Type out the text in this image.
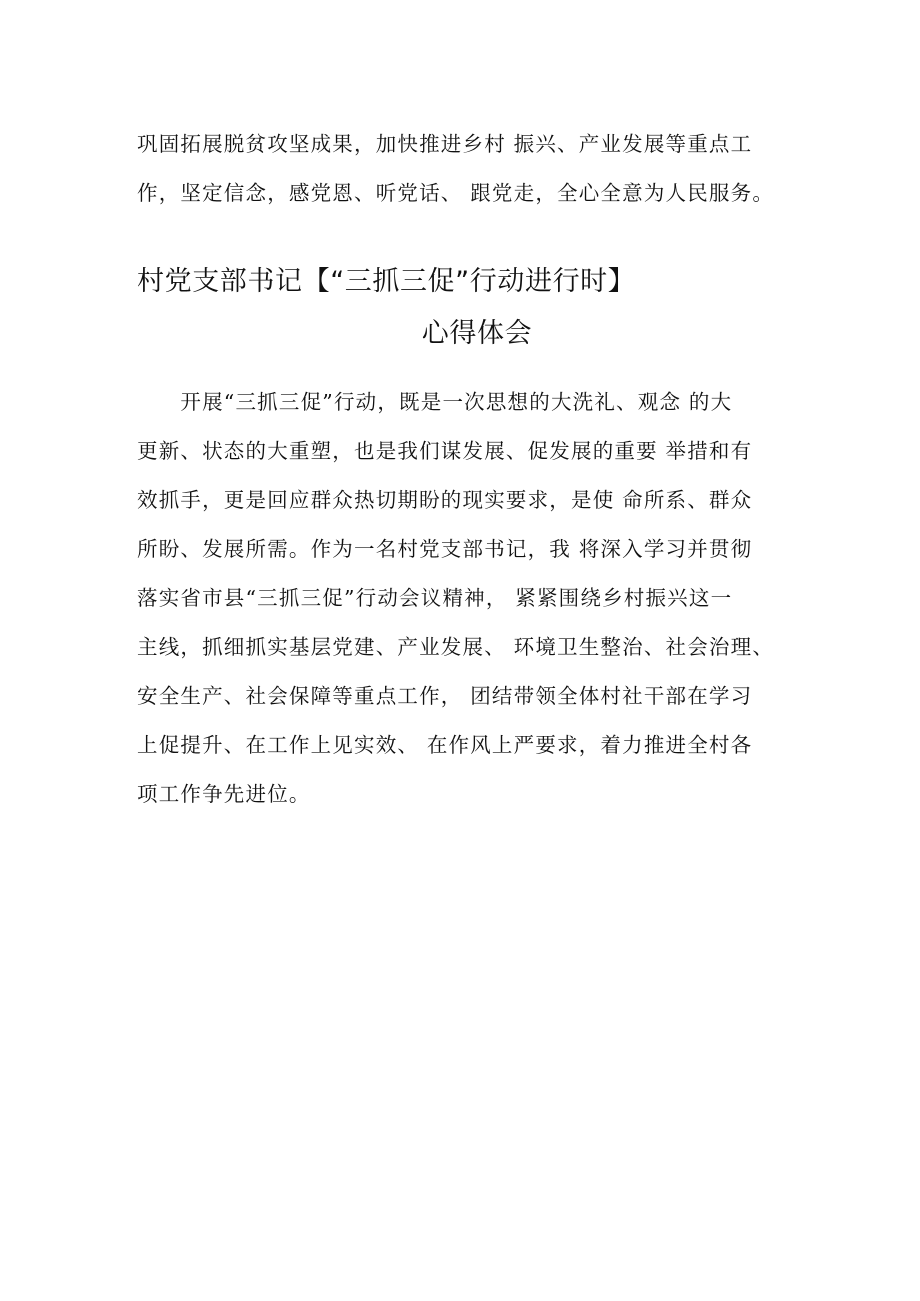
巩固拓展脱贫攻坚成果，加快推进乡村 振兴、产业发展等重点工
作，坚定信念，感党恩、听党话、 跟党走，全心全意为人民服务。
村党支部书记【“三抓三促”行动进行时】
心得体会
　　开展“三抓三促”行动，既是一次思想的大洗礼、观念 的大
更新、状态的大重塑，也是我们谋发展、促发展的重要 举措和有
效抓手，更是回应群众热切期盼的现实要求，是使 命所系、群众
所盼、发展所需。作为一名村党支部书记，我 将深入学习并贯彻
落实省市县“三抓三促”行动会议精神， 紧紧围绕乡村振兴这一
主线，抓细抓实基层党建、产业发展、 环境卫生整治、社会治理、
安全生产、社会保障等重点工作， 团结带领全体村社干部在学习
上促提升、在工作上见实效、 在作风上严要求，着力推进全村各
项工作争先进位。
